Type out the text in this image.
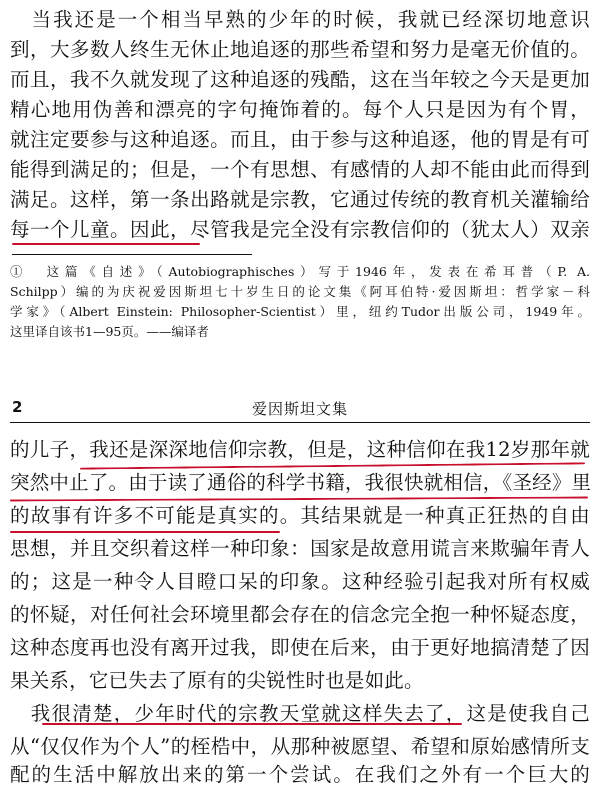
　当我还是一个相当早熟的少年的时候，我就已经深切地意识
到，大多数人终生无休止地追逐的那些希望和努力是毫无价值的。
而且，我不久就发现了这种追逐的残酷，这在当年较之今天是更加
精心地用伪善和漂亮的字句掩饰着的。每个人只是因为有个胃，
就注定要参与这种追逐。而且，由于参与这种追逐，他的胃是有可
能得到满足的；但是，一个有思想、有感情的人却不能由此而得到
满足。这样，第一条出路就是宗教，它通过传统的教育机关灌输给
每一个儿童。因此，尽管我是完全没有宗教信仰的（犹太人）双亲
①　这篇《自述》（Autobiographisches）写于1946年，发表在希耳普（P. A.
Schilpp）编的为庆祝爱因斯坦七十岁生日的论文集《阿耳伯特·爱因斯坦：哲学家－科
学家》（Albert Einstein: Philosopher-Scientist）里，纽约Tudor出版公司，1949年。
这里译自该书1—95页。——编译者
2	爱因斯坦文集
的儿子，我还是深深地信仰宗教，但是，这种信仰在我12岁那年就
突然中止了。由于读了通俗的科学书籍，我很快就相信，《圣经》里
的故事有许多不可能是真实的。其结果就是一种真正狂热的自由
思想，并且交织着这样一种印象：国家是故意用谎言来欺骗年青人
的；这是一种令人目瞪口呆的印象。这种经验引起我对所有权威
的怀疑，对任何社会环境里都会存在的信念完全抱一种怀疑态度，
这种态度再也没有离开过我，即使在后来，由于更好地搞清楚了因
果关系，它已失去了原有的尖锐性时也是如此。
　我很清楚，少年时代的宗教天堂就这样失去了，这是使我自己
从“仅仅作为个人”的桎梏中，从那种被愿望、希望和原始感情所支
配的生活中解放出来的第一个尝试。在我们之外有一个巨大的
